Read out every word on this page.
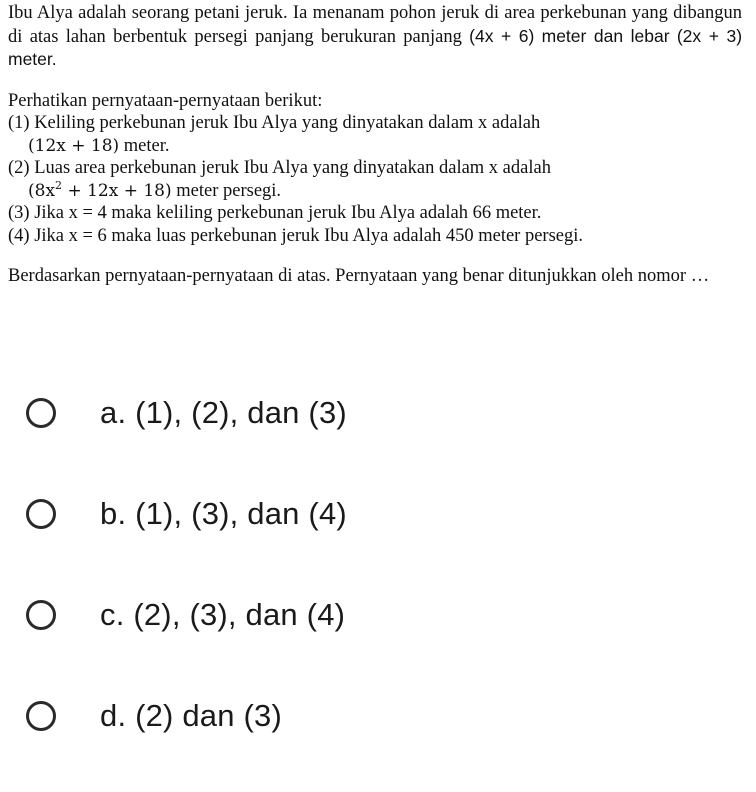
Ibu Alya adalah seorang petani jeruk. Ia menanam pohon jeruk di area perkebunan yang dibangun di atas lahan berbentuk persegi panjang berukuran panjang (4x + 6) meter dan lebar (2x + 3) meter.

Perhatikan pernyataan-pernyataan berikut:

(1) Keliling perkebunan jeruk Ibu Alya yang dinyatakan dalam x adalah
(12x + 18) meter.

(2) Luas area perkebunan jeruk Ibu Alya yang dinyatakan dalam x adalah
$(8x^2 + 12x + 18)$ meter persegi.

(3) Jika x = 4 maka keliling perkebunan jeruk Ibu Alya adalah 66 meter.

(4) Jika x = 6 maka luas perkebunan jeruk Ibu Alya adalah 450 meter persegi.

Berdasarkan pernyataan-pernyataan di atas. Pernyataan yang benar ditunjukkan oleh nomor …

a. (1), (2), dan (3)
b. (1), (3), dan (4)
c. (2), (3), dan (4)
d. (2) dan (3)
